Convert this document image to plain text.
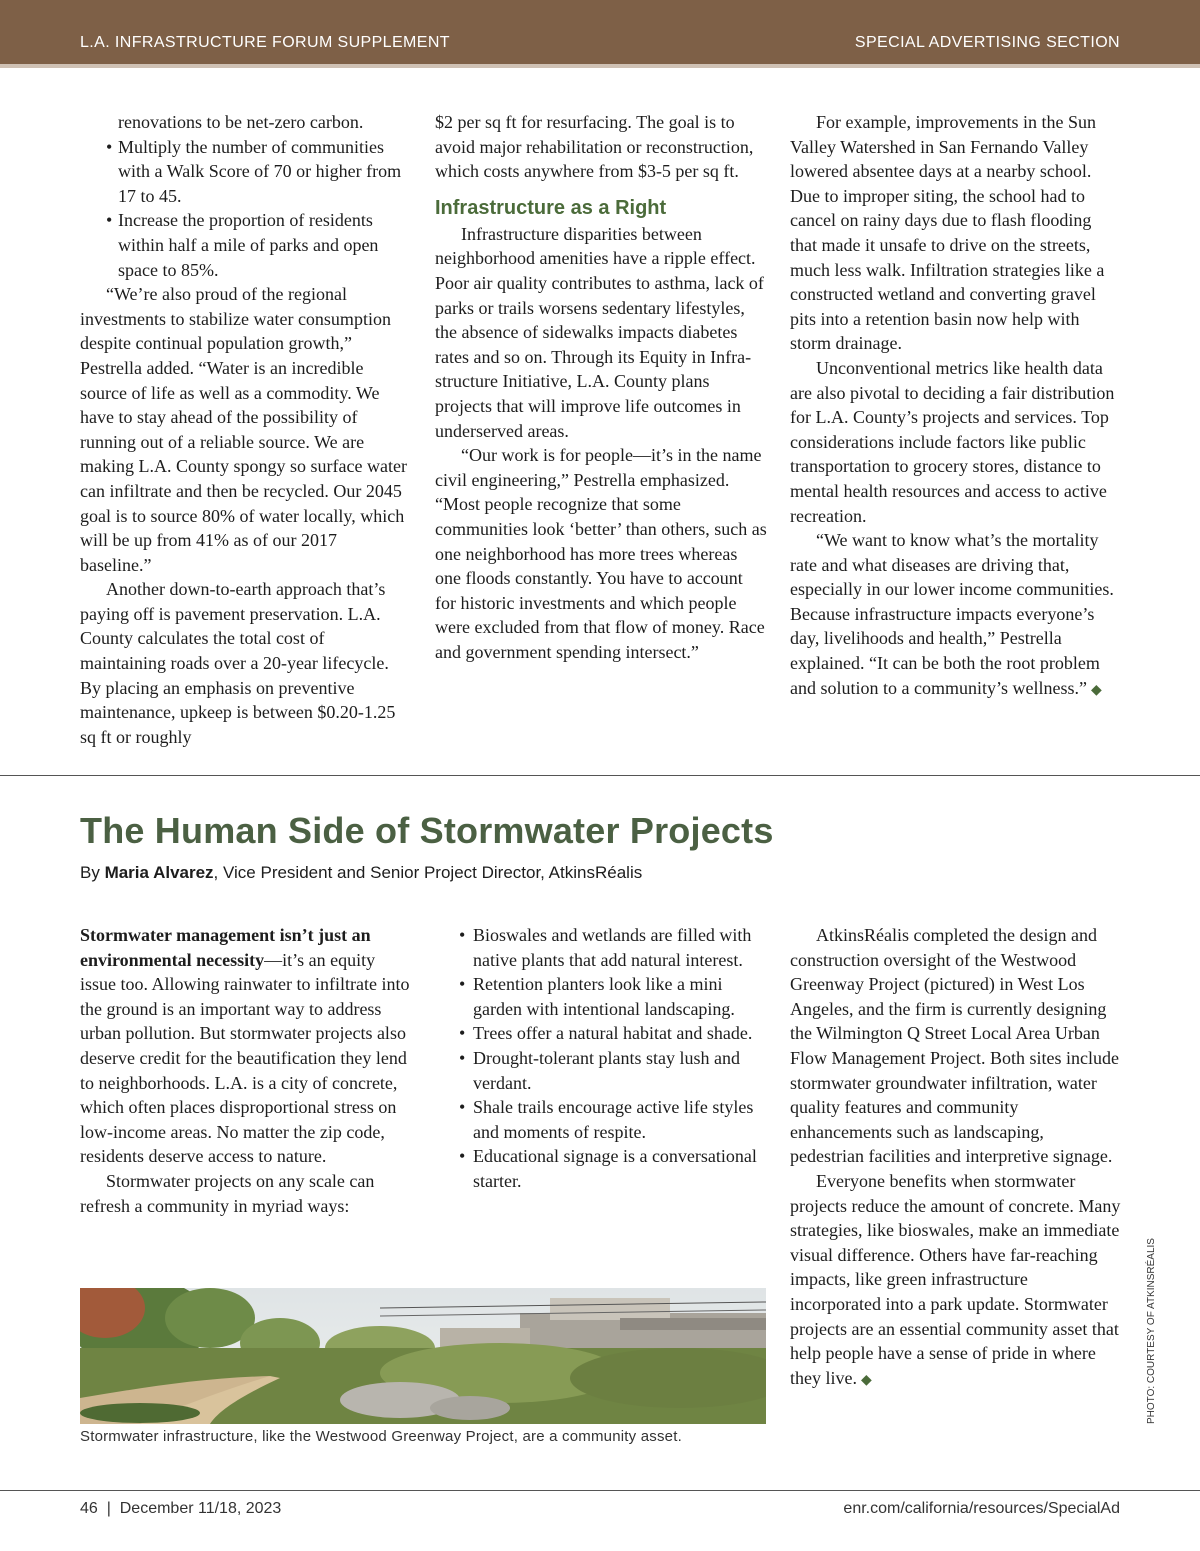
L.A. INFRASTRUCTURE FORUM SUPPLEMENT	SPECIAL ADVERTISING SECTION

renovations to be net-zero carbon.

• Multiply the number of communities with a Walk Score of 70 or higher from 17 to 45.
• Increase the proportion of residents within half a mile of parks and open space to 85%.

“We’re also proud of the regional investments to stabilize water consumption despite continual population growth,” Pestrella added. “Water is an incredible source of life as well as a commodity. We have to stay ahead of the possibility of running out of a reliable source. We are making L.A. County spongy so surface water can infiltrate and then be recycled. Our 2045 goal is to source 80% of water locally, which will be up from 41% as of our 2017 baseline.”

Another down-to-earth approach that’s paying off is pavement preservation. L.A. County calculates the total cost of maintaining roads over a 20-year lifecycle. By placing an emphasis on preventive maintenance, upkeep is between $0.20-1.25 sq ft or roughly

$2 per sq ft for resurfacing. The goal is to avoid major rehabilitation or reconstruction, which costs anywhere from $3-5 per sq ft.

Infrastructure as a Right

Infrastructure disparities between neighborhood amenities have a ripple effect. Poor air quality contributes to asthma, lack of parks or trails worsens sedentary lifestyles, the absence of sidewalks impacts diabetes rates and so on. Through its Equity in Infrastructure Initiative, L.A. County plans projects that will improve life outcomes in underserved areas.

“Our work is for people—it’s in the name civil engineering,” Pestrella emphasized. “Most people recognize that some communities look ‘better’ than others, such as one neighborhood has more trees whereas one floods constantly. You have to account for historic investments and which people were excluded from that flow of money. Race and government spending intersect.”

For example, improvements in the Sun Valley Watershed in San Fernando Valley lowered absentee days at a nearby school. Due to improper siting, the school had to cancel on rainy days due to flash flooding that made it unsafe to drive on the streets, much less walk. Infiltration strategies like a constructed wetland and converting gravel pits into a retention basin now help with storm drainage.

Unconventional metrics like health data are also pivotal to deciding a fair distribution for L.A. County’s projects and services. Top considerations include factors like public transportation to grocery stores, distance to mental health resources and access to active recreation.

“We want to know what’s the mortality rate and what diseases are driving that, especially in our lower income communities. Because infrastructure impacts everyone’s day, livelihoods and health,” Pestrella explained. “It can be both the root problem and solution to a community’s wellness.” ◆

The Human Side of Stormwater Projects
By Maria Alvarez, Vice President and Senior Project Director, AtkinsRéalis

Stormwater management isn’t just an environmental necessity—it’s an equity issue too. Allowing rainwater to infiltrate into the ground is an important way to address urban pollution. But stormwater projects also deserve credit for the beautification they lend to neighborhoods. L.A. is a city of concrete, which often places disproportional stress on low-income areas. No matter the zip code, residents deserve access to nature.

Stormwater projects on any scale can refresh a community in myriad ways:

• Bioswales and wetlands are filled with native plants that add natural interest.
• Retention planters look like a mini garden with intentional landscaping.
• Trees offer a natural habitat and shade.
• Drought-tolerant plants stay lush and verdant.
• Shale trails encourage active life styles and moments of respite.
• Educational signage is a conversational starter.

AtkinsRéalis completed the design and construction oversight of the Westwood Greenway Project (pictured) in West Los Angeles, and the firm is currently designing the Wilmington Q Street Local Area Urban Flow Management Project. Both sites include stormwater groundwater infiltration, water quality features and community enhancements such as landscaping, pedestrian facilities and interpretive signage.

Everyone benefits when stormwater projects reduce the amount of concrete. Many strategies, like bioswales, make an immediate visual difference. Others have far-reaching impacts, like green infrastructure incorporated into a park update. Stormwater projects are an essential community asset that help people have a sense of pride in where they live. ◆

Stormwater infrastructure, like the Westwood Greenway Project, are a community asset.
PHOTO: COURTESY OF ATKINSRÉALIS
46  |  December 11/18, 2023	enr.com/california/resources/SpecialAd
